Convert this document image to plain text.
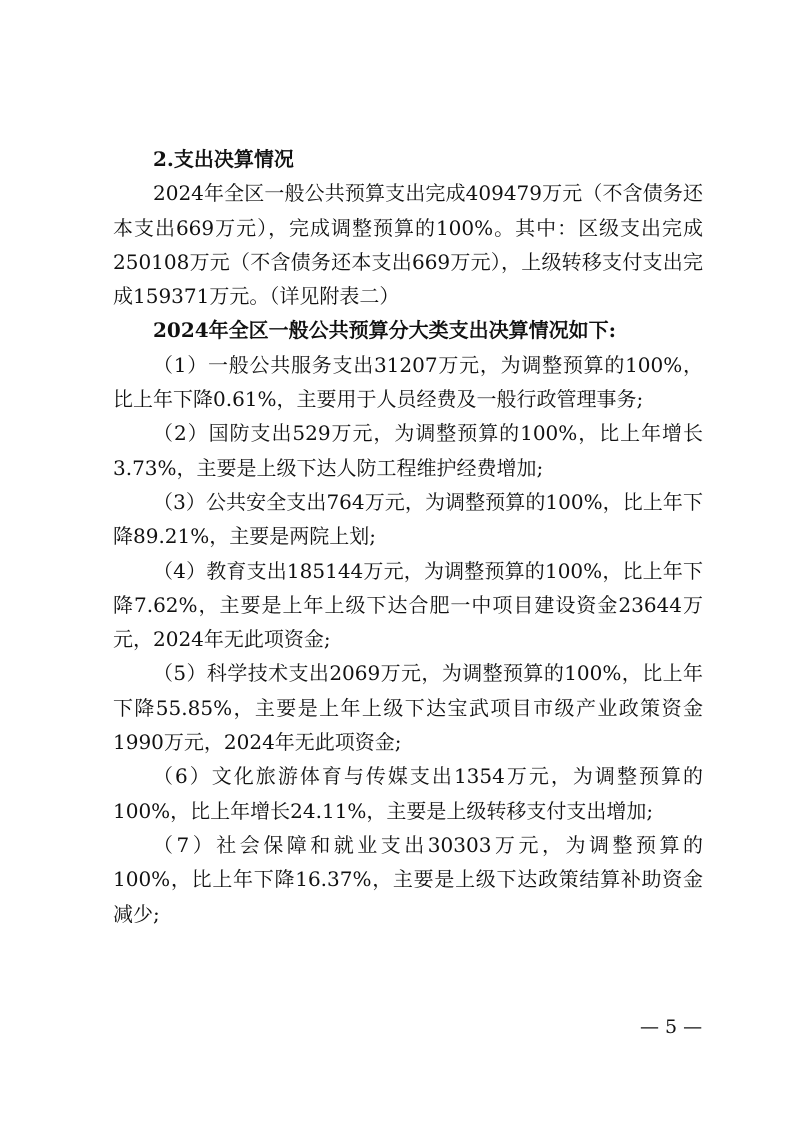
2.支出决算情况

2024年全区一般公共预算支出完成409479万元（不含债务还本支出669万元），完成调整预算的100%。其中：区级支出完成250108万元（不含债务还本支出669万元），上级转移支付支出完成159371万元。（详见附表二）

2024年全区一般公共预算分大类支出决算情况如下:

（1）一般公共服务支出31207万元，为调整预算的100%，比上年下降0.61%，主要用于人员经费及一般行政管理事务;

（2）国防支出529万元，为调整预算的100%，比上年增长3.73%，主要是上级下达人防工程维护经费增加;

（3）公共安全支出764万元，为调整预算的100%，比上年下降89.21%，主要是两院上划;

（4）教育支出185144万元，为调整预算的100%，比上年下降7.62%，主要是上年上级下达合肥一中项目建设资金23644万元，2024年无此项资金;

（5）科学技术支出2069万元，为调整预算的100%，比上年下降55.85%，主要是上年上级下达宝武项目市级产业政策资金1990万元，2024年无此项资金;

（6）文化旅游体育与传媒支出1354万元，为调整预算的100%，比上年增长24.11%，主要是上级转移支付支出增加;

（7）社会保障和就业支出30303万元，为调整预算的100%，比上年下降16.37%，主要是上级下达政策结算补助资金减少;

— 5 —
